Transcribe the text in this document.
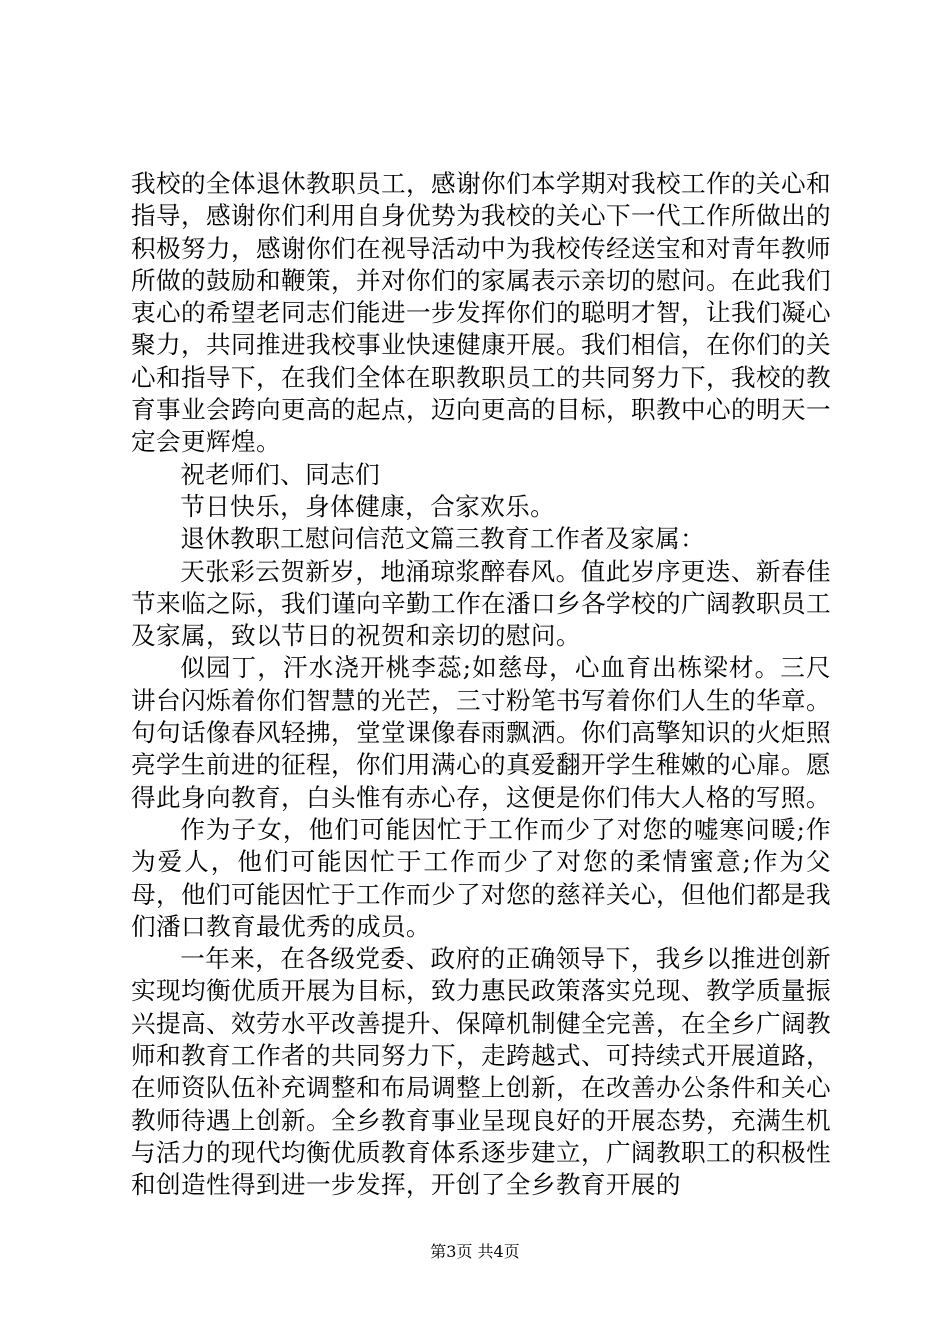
我校的全体退休教职员工，感谢你们本学期对我校工作的关心和指导，感谢你们利用自身优势为我校的关心下一代工作所做出的积极努力，感谢你们在视导活动中为我校传经送宝和对青年教师所做的鼓励和鞭策，并对你们的家属表示亲切的慰问。在此我们衷心的希望老同志们能进一步发挥你们的聪明才智，让我们凝心聚力，共同推进我校事业快速健康开展。我们相信，在你们的关心和指导下，在我们全体在职教职员工的共同努力下，我校的教育事业会跨向更高的起点，迈向更高的目标，职教中心的明天一定会更辉煌。

祝老师们、同志们

节日快乐，身体健康，合家欢乐。

退休教职工慰问信范文篇三教育工作者及家属：

天张彩云贺新岁，地涌琼浆醉春风。值此岁序更迭、新春佳节来临之际，我们谨向辛勤工作在潘口乡各学校的广阔教职员工及家属，致以节日的祝贺和亲切的慰问。

似园丁，汗水浇开桃李蕊;如慈母，心血育出栋梁材。三尺讲台闪烁着你们智慧的光芒，三寸粉笔书写着你们人生的华章。句句话像春风轻拂，堂堂课像春雨飘洒。你们高擎知识的火炬照亮学生前进的征程，你们用满心的真爱翻开学生稚嫩的心扉。愿得此身向教育，白头惟有赤心存，这便是你们伟大人格的写照。

作为子女，他们可能因忙于工作而少了对您的嘘寒问暖;作为爱人，他们可能因忙于工作而少了对您的柔情蜜意;作为父母，他们可能因忙于工作而少了对您的慈祥关心，但他们都是我们潘口教育最优秀的成员。

一年来，在各级党委、政府的正确领导下，我乡以推进创新实现均衡优质开展为目标，致力惠民政策落实兑现、教学质量振兴提高、效劳水平改善提升、保障机制健全完善，在全乡广阔教师和教育工作者的共同努力下，走跨越式、可持续式开展道路，在师资队伍补充调整和布局调整上创新，在改善办公条件和关心教师待遇上创新。全乡教育事业呈现良好的开展态势，充满生机与活力的现代均衡优质教育体系逐步建立，广阔教职工的积极性和创造性得到进一步发挥，开创了全乡教育开展的

第3页 共4页
